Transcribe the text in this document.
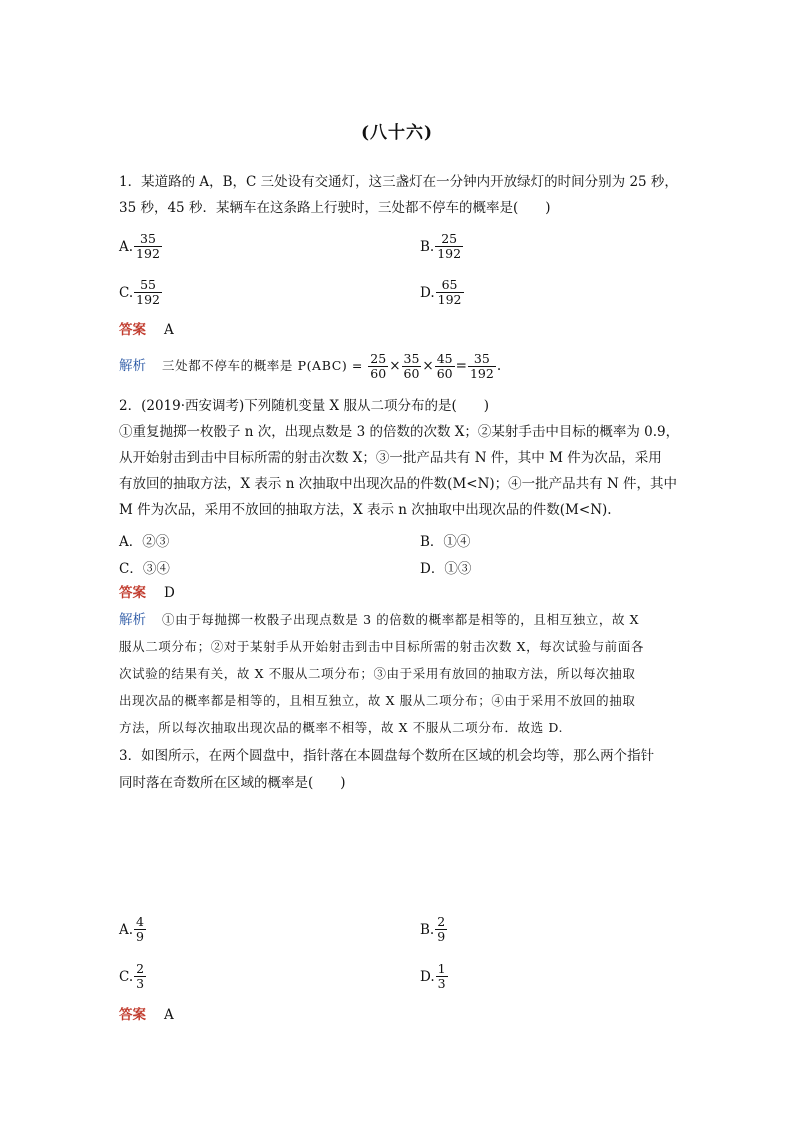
(八十六)
1．某道路的 A，B，C 三处设有交通灯，这三盏灯在一分钟内开放绿灯的时间分别为 25 秒，
35 秒，45 秒．某辆车在这条路上行驶时，三处都不停车的概率是(　　)
A. $\frac{35}{192}$	B. $\frac{25}{192}$
C. $\frac{55}{192}$	D. $\frac{65}{192}$
答案 A
解析 三处都不停车的概率是 $P(ABC) = \frac{25}{60} \times \frac{35}{60} \times \frac{45}{60} = \frac{35}{192}$ .
2．(2019·西安调考)下列随机变量 X 服从二项分布的是(　　)
①重复抛掷一枚骰子 n 次，出现点数是 3 的倍数的次数 X；②某射手击中目标的概率为 0.9，
从开始射击到击中目标所需的射击次数 X；③一批产品共有 N 件，其中 M 件为次品，采用
有放回的抽取方法，X 表示 n 次抽取中出现次品的件数(M<N)；④一批产品共有 N 件，其中
M 件为次品，采用不放回的抽取方法，X 表示 n 次抽取中出现次品的件数(M<N).
A．②③	B．①④
C．③④	D．①③
答案 D
解析 ①由于每抛掷一枚骰子出现点数是 3 的倍数的概率都是相等的，且相互独立，故 X
服从二项分布；②对于某射手从开始射击到击中目标所需的射击次数 X，每次试验与前面各
次试验的结果有关，故 X 不服从二项分布；③由于采用有放回的抽取方法，所以每次抽取
出现次品的概率都是相等的，且相互独立，故 X 服从二项分布；④由于采用不放回的抽取
方法，所以每次抽取出现次品的概率不相等，故 X 不服从二项分布．故选 D.
3．如图所示，在两个圆盘中，指针落在本圆盘每个数所在区域的机会均等，那么两个指针
同时落在奇数所在区域的概率是(　　)
A. $\frac{4}{9}$	B. $\frac{2}{9}$
C. $\frac{2}{3}$	D. $\frac{1}{3}$
答案 A
